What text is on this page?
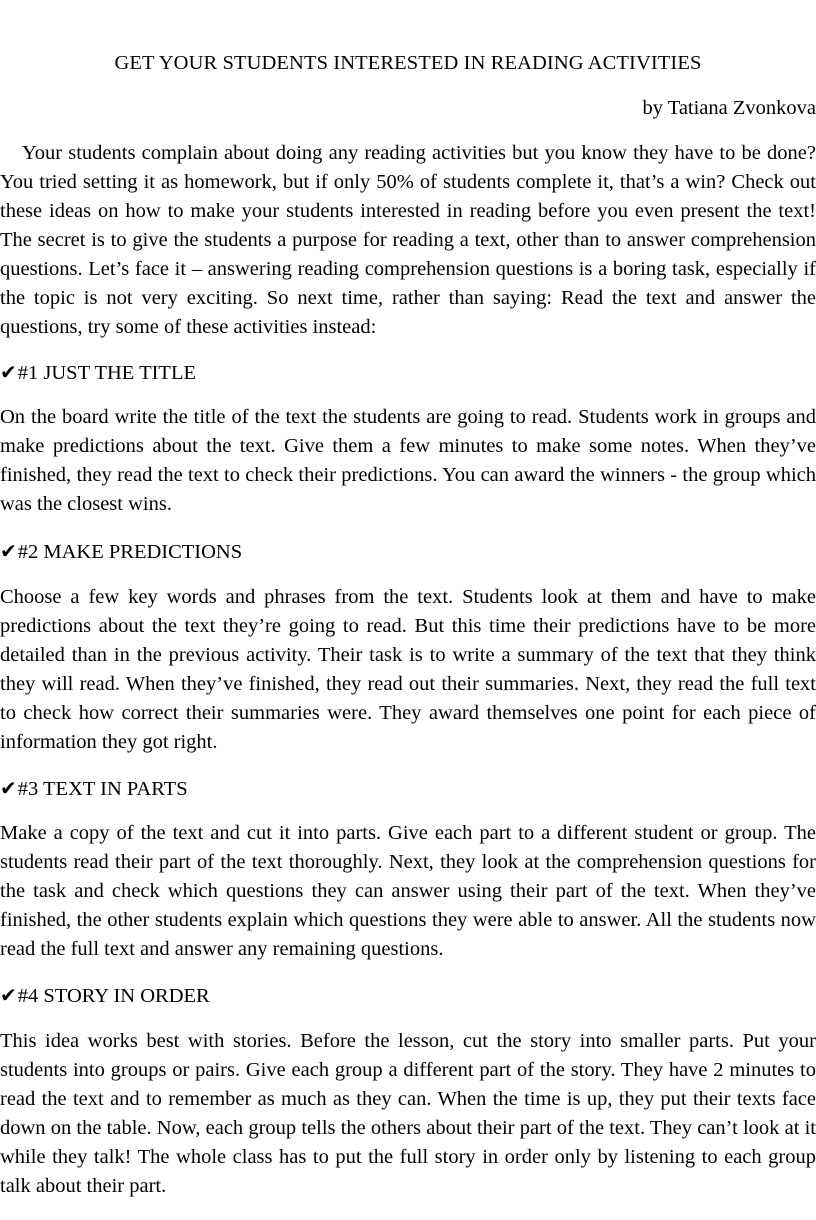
GET YOUR STUDENTS INTERESTED IN READING ACTIVITIES
by Tatiana Zvonkova

Your students complain about doing any reading activities but you know they have to be done? You tried setting it as homework, but if only 50% of students complete it, that’s a win? Check out these ideas on how to make your students interested in reading before you even present the text! The secret is to give the students a purpose for reading a text, other than to answer comprehension questions. Let’s face it – answering reading comprehension questions is a boring task, especially if the topic is not very exciting. So next time, rather than saying: Read the text and answer the questions, try some of these activities instead:

✔#1 JUST THE TITLE

On the board write the title of the text the students are going to read. Students work in groups and make predictions about the text. Give them a few minutes to make some notes. When they’ve finished, they read the text to check their predictions. You can award the winners - the group which was the closest wins.

✔#2 MAKE PREDICTIONS

Choose a few key words and phrases from the text. Students look at them and have to make predictions about the text they’re going to read. But this time their predictions have to be more detailed than in the previous activity. Their task is to write a summary of the text that they think they will read. When they’ve finished, they read out their summaries. Next, they read the full text to check how correct their summaries were. They award themselves one point for each piece of information they got right.

✔#3 TEXT IN PARTS

Make a copy of the text and cut it into parts. Give each part to a different student or group. The students read their part of the text thoroughly. Next, they look at the comprehension questions for the task and check which questions they can answer using their part of the text. When they’ve finished, the other students explain which questions they were able to answer. All the students now read the full text and answer any remaining questions.

✔#4 STORY IN ORDER

This idea works best with stories. Before the lesson, cut the story into smaller parts. Put your students into groups or pairs. Give each group a different part of the story. They have 2 minutes to read the text and to remember as much as they can. When the time is up, they put their texts face down on the table. Now, each group tells the others about their part of the text. They can’t look at it while they talk! The whole class has to put the full story in order only by listening to each group talk about their part.
